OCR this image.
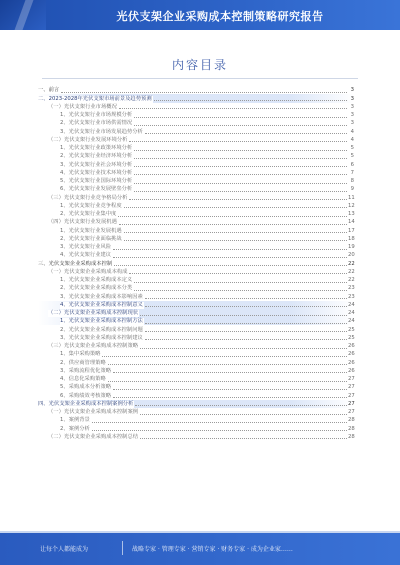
光伏支架企业采购成本控制策略研究报告
内容目录
一、前言	3
二、2023-2028年光伏支架市场前景及趋势预测	3
（一）光伏支架行业市场概况	3
1、光伏支架行业市场规模分析	3
2、光伏支架行业市场供需情况	3
3、光伏支架行业市场发展趋势分析	4
（二）光伏支架行业发展环境分析	4
1、光伏支架行业政策环境分析	5
2、光伏支架行业经济环境分析	5
3、光伏支架行业社会环境分析	6
4、光伏支架行业技术环境分析	7
5、光伏支架行业国际环境分析	8
6、光伏支架行业发展壁垒分析	9
（三）光伏支架行业竞争格局分析	11
1、光伏支架行业竞争程度	12
2、光伏支架行业集中度	13
（四）光伏支架行业发展机遇	14
1、光伏支架行业发展机遇	17
2、光伏支架行业面临挑战	18
3、光伏支架行业风险	19
4、光伏支架行业建议	20
三、光伏支架企业采购成本控制	22
（一）光伏支架企业采购成本构成	22
1、光伏支架企业采购成本定义	22
2、光伏支架企业采购成本分类	23
3、光伏支架企业采购成本影响因素	23
4、光伏支架企业采购成本控制意义	24
（二）光伏支架企业采购成本控制现状	24
1、光伏支架企业采购成本控制方法	24
2、光伏支架企业采购成本控制问题	25
3、光伏支架企业采购成本控制建议	25
（三）光伏支架企业采购成本控制策略	26
1、集中采购策略	26
2、供应商管理策略	26
3、采购流程优化策略	26
4、信息化采购策略	27
5、采购成本分析策略	27
6、采购绩效考核策略	27
四、光伏支架企业采购成本控制案例分析	27
（一）光伏支架企业采购成本控制案例	27
1、案例背景	28
2、案例分析	28
（二）光伏支架企业采购成本控制总结	28
让每个人都能成为	战略专家 · 管理专家 · 营销专家 · 财务专家 · 成为企业家……
